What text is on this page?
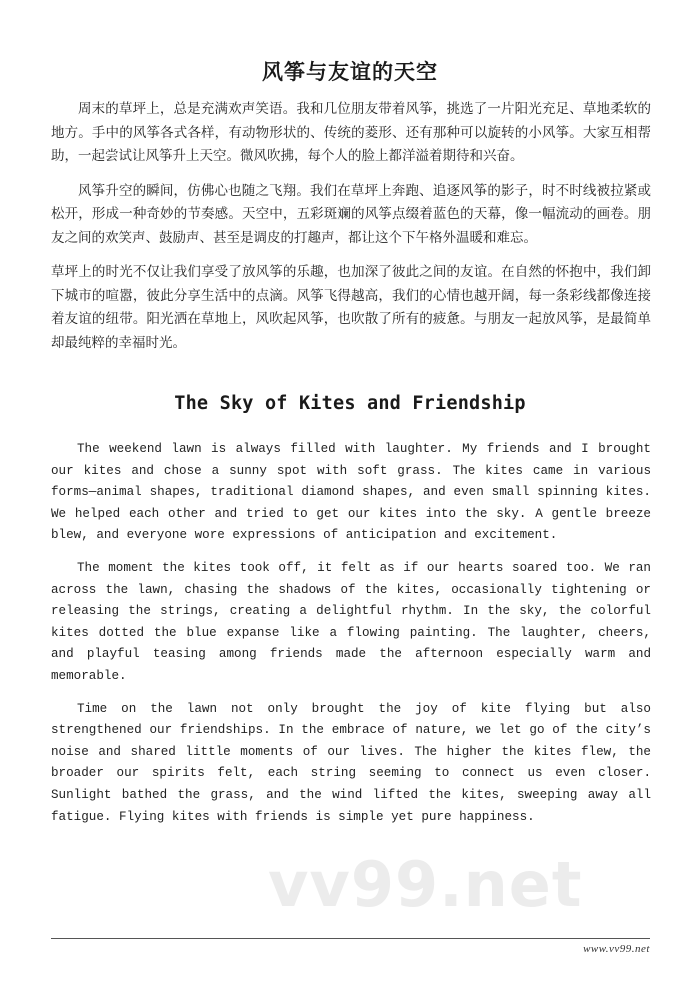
风筝与友谊的天空

周末的草坪上，总是充满欢声笑语。我和几位朋友带着风筝，挑选了一片阳光充足、草地柔软的地方。手中的风筝各式各样，有动物形状的、传统的菱形、还有那种可以旋转的小风筝。大家互相帮助，一起尝试让风筝升上天空。微风吹拂，每个人的脸上都洋溢着期待和兴奋。

风筝升空的瞬间，仿佛心也随之飞翔。我们在草坪上奔跑、追逐风筝的影子，时不时线被拉紧或松开，形成一种奇妙的节奏感。天空中，五彩斑斓的风筝点缀着蓝色的天幕，像一幅流动的画卷。朋友之间的欢笑声、鼓励声、甚至是调皮的打趣声，都让这个下午格外温暖和难忘。

草坪上的时光不仅让我们享受了放风筝的乐趣，也加深了彼此之间的友谊。在自然的怀抱中，我们卸下城市的喧嚣，彼此分享生活中的点滴。风筝飞得越高，我们的心情也越开阔，每一条彩线都像连接着友谊的纽带。阳光洒在草地上，风吹起风筝，也吹散了所有的疲惫。与朋友一起放风筝，是最简单却最纯粹的幸福时光。

The Sky of Kites and Friendship

The weekend lawn is always filled with laughter. My friends and I brought our kites and chose a sunny spot with soft grass. The kites came in various forms—animal shapes, traditional diamond shapes, and even small spinning kites. We helped each other and tried to get our kites into the sky. A gentle breeze blew, and everyone wore expressions of anticipation and excitement.

The moment the kites took off, it felt as if our hearts soared too. We ran across the lawn, chasing the shadows of the kites, occasionally tightening or releasing the strings, creating a delightful rhythm. In the sky, the colorful kites dotted the blue expanse like a flowing painting. The laughter, cheers, and playful teasing among friends made the afternoon especially warm and memorable.

Time on the lawn not only brought the joy of kite flying but also strengthened our friendships. In the embrace of nature, we let go of the city’s noise and shared little moments of our lives. The higher the kites flew, the broader our spirits felt, each string seeming to connect us even closer. Sunlight bathed the grass, and the wind lifted the kites, sweeping away all fatigue. Flying kites with friends is simple yet pure happiness.

vv99.net
www.vv99.net
